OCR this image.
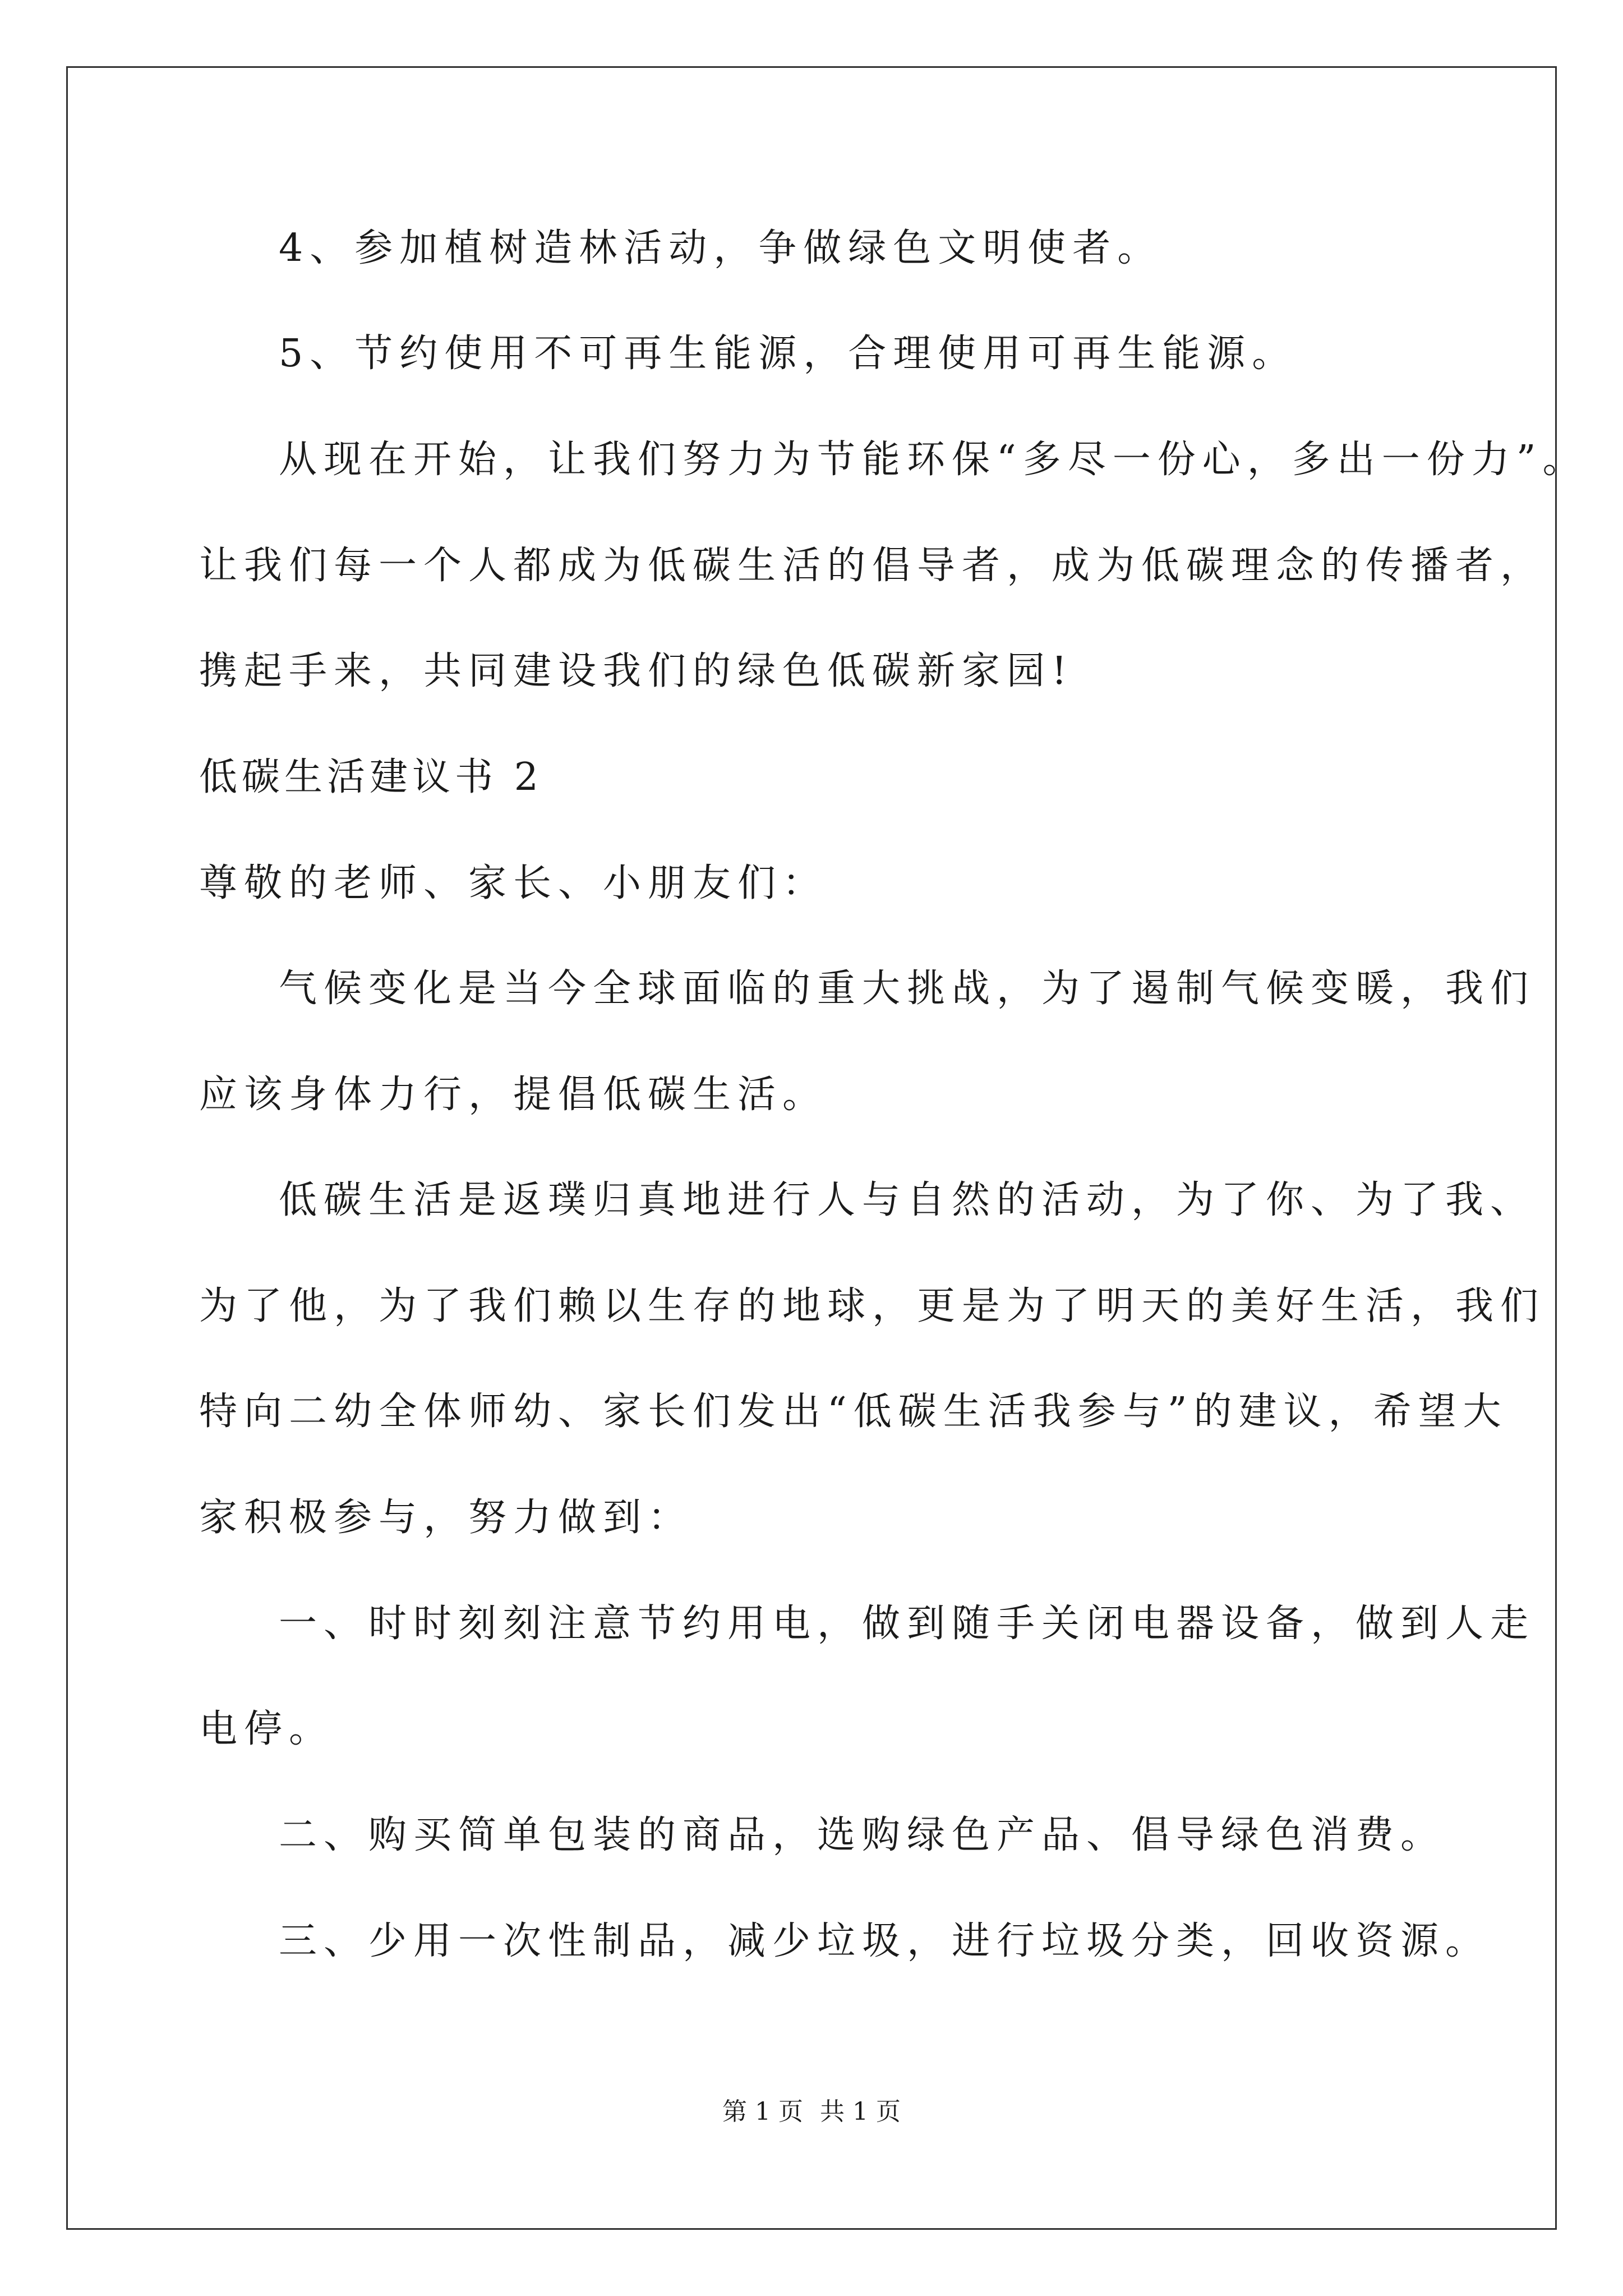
4、参加植树造林活动，争做绿色文明使者。
5、节约使用不可再生能源，合理使用可再生能源。
从现在开始，让我们努力为节能环保“多尽一份心，多出一份力”。
让我们每一个人都成为低碳生活的倡导者，成为低碳理念的传播者，
携起手来，共同建设我们的绿色低碳新家园!
低碳生活建议书 2
尊敬的老师、家长、小朋友们：
气候变化是当今全球面临的重大挑战，为了遏制气候变暖，我们
应该身体力行，提倡低碳生活。
低碳生活是返璞归真地进行人与自然的活动，为了你、为了我、
为了他，为了我们赖以生存的地球，更是为了明天的美好生活，我们
特向二幼全体师幼、家长们发出“低碳生活我参与”的建议，希望大
家积极参与，努力做到：
一、时时刻刻注意节约用电，做到随手关闭电器设备，做到人走
电停。
二、购买简单包装的商品，选购绿色产品、倡导绿色消费。
三、少用一次性制品，减少垃圾，进行垃圾分类，回收资源。
第 1 页 共 1 页
